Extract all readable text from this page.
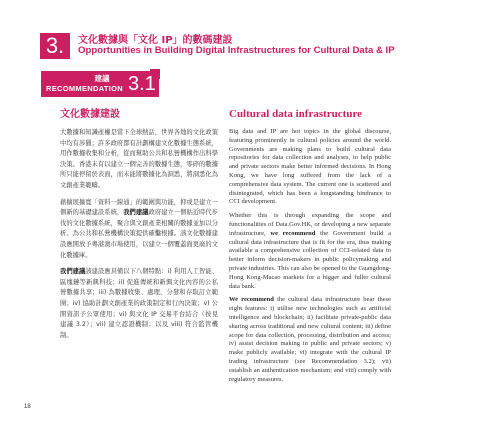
3.	文化數據與「文化 IP」的數碼建設
Opportunities in Building Digital Infrastructures for Cultural Data & IP
建議
RECOMMENDATION 3.1
文化數據建設

大數據和知識產權是當下全球熱話，世界各地的文化政策中均有涉獵；許多政府都有計劃構建文化數據生態系統，用作數據收集和分析，從而幫助公共和私營機構作出科學決策。香港未有以建立一個完善的數據生態，零碎的數據所只能停留於表面，而未能將數據化為洞悉，將洞悉化為文創產業範疇。

藉擴展擴寬「資料一線通」的範圍與功能，抑或是建立一個新的基礎建設系統，我們建議政府建立一個貼近時代步伐的文化數據系統，聚合與文創產業相關的數據並加以分析。為公共和私營機構決策提供確鑿根據。該文化數據建設應開放予粵港澳市場使用，以建立一個覆蓋面更廣的文化數據庫。

我們建議該建設應具備以下八個特點：i) 利用人工智能、區塊鏈等新興科技；ii) 促進傳統和新興文化內容的公私營數據共享；iii) 為數據收集、處理、分發和存取訂立範圍；iv) 協助計劃文創產業的政策制定和行內決策；v) 公開資訊予公眾使用；vi) 與文化 IP 交易平台結合（按見建議 3.2）；vii) 建立認證機制；以及 viii) 符合監管機制。

Cultural data infrastructure

Big data and IP are hot topics in the global discourse, featuring prominently in cultural policies around the world. Governments are making plans to build cultural data repositories for data collection and analyses, to help public and private sectors make better informed decisions. In Hong Kong, we have long suffered from the lack of a comprehensive data system. The current one is scattered and disintegrated, which has been a longstanding hindrance to CCI development.

Whether this is through expanding the scope and functionalities of Data.Gov.HK, or developing a new separate infrastructure, we recommend the Government build a cultural data infrastructure that is fit for the era, thus making available a comprehensive collection of CCI-related data to better inform decision-makers in public policymaking and private industries. This can also be opened to the Guangdong-Hong Kong-Macao markets for a bigger and fuller cultural data bank.

We recommend the cultural data infrastructure bear these eight features: i) utilise new technologies such as artificial intelligence and blockchain; ii) facilitate private-public data sharing across traditional and new cultural content; iii) define scope for data collection, processing, distribution and access; iv) assist decision making in public and private sectors; v) make publicly available; vi) integrate with the cultural IP trading infrastructure (see Recommendation 3.2); vii) establish an authentication mechanism; and viii) comply with regulatory measures.

18
